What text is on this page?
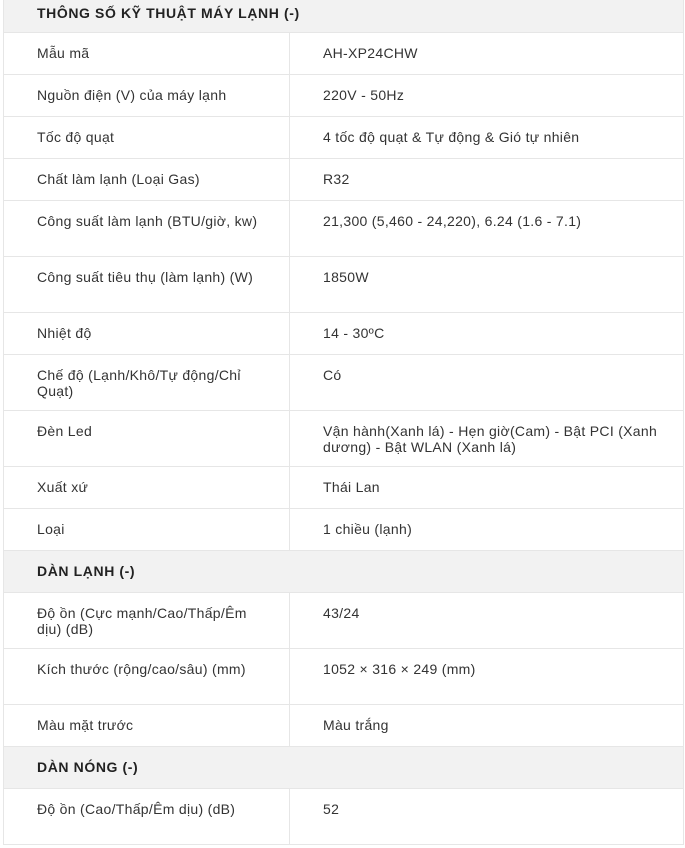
THÔNG SỐ KỸ THUẬT MÁY LẠNH (-)	
Mẫu mã	AH-XP24CHW
Nguồn điện (V) của máy lạnh	220V - 50Hz
Tốc độ quạt	4 tốc độ quạt & Tự động & Gió tự nhiên
Chất làm lạnh (Loại Gas)	R32
Công suất làm lạnh (BTU/giờ, kw)	21,300 (5,460 - 24,220), 6.24 (1.6 - 7.1)
Công suất tiêu thụ (làm lạnh) (W)	1850W
Nhiệt độ	14 - 30ºC
Chế độ (Lạnh/Khô/Tự động/Chỉ Quạt)	Có
Đèn Led	Vận hành(Xanh lá) - Hẹn giờ(Cam) - Bật PCI (Xanh dương) - Bật WLAN (Xanh lá)
Xuất xứ	Thái Lan
Loại	1 chiều (lạnh)
DÀN LẠNH (-)	
Độ ồn (Cực mạnh/Cao/Thấp/Êm dịu) (dB)	43/24
Kích thước (rộng/cao/sâu) (mm)	1052 × 316 × 249 (mm)
Màu mặt trước	Màu trắng
DÀN NÓNG (-)	
Độ ồn (Cao/Thấp/Êm dịu) (dB)	52
